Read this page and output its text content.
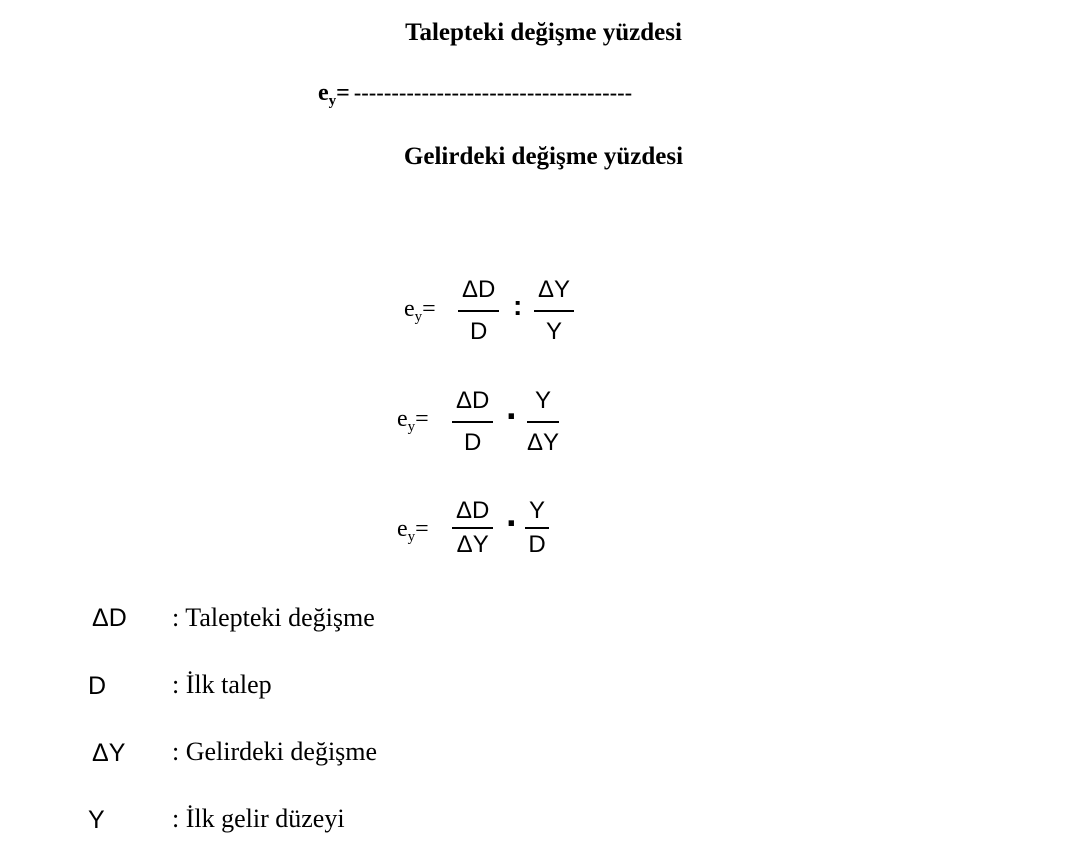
Talepteki değişme yüzdesi
$e_y=$ -------------------------------------
Gelirdeki değişme yüzdesi
$e_y=$
ΔD
D
:
ΔY
Y
$e_y=$
ΔD
D
· Y
ΔY
$e_y=$
ΔD
ΔY · Y
D
ΔD : Talepteki değişme
D	: İlk talep
ΔY : Gelirdeki değişme
Y	: İlk gelir düzeyi
